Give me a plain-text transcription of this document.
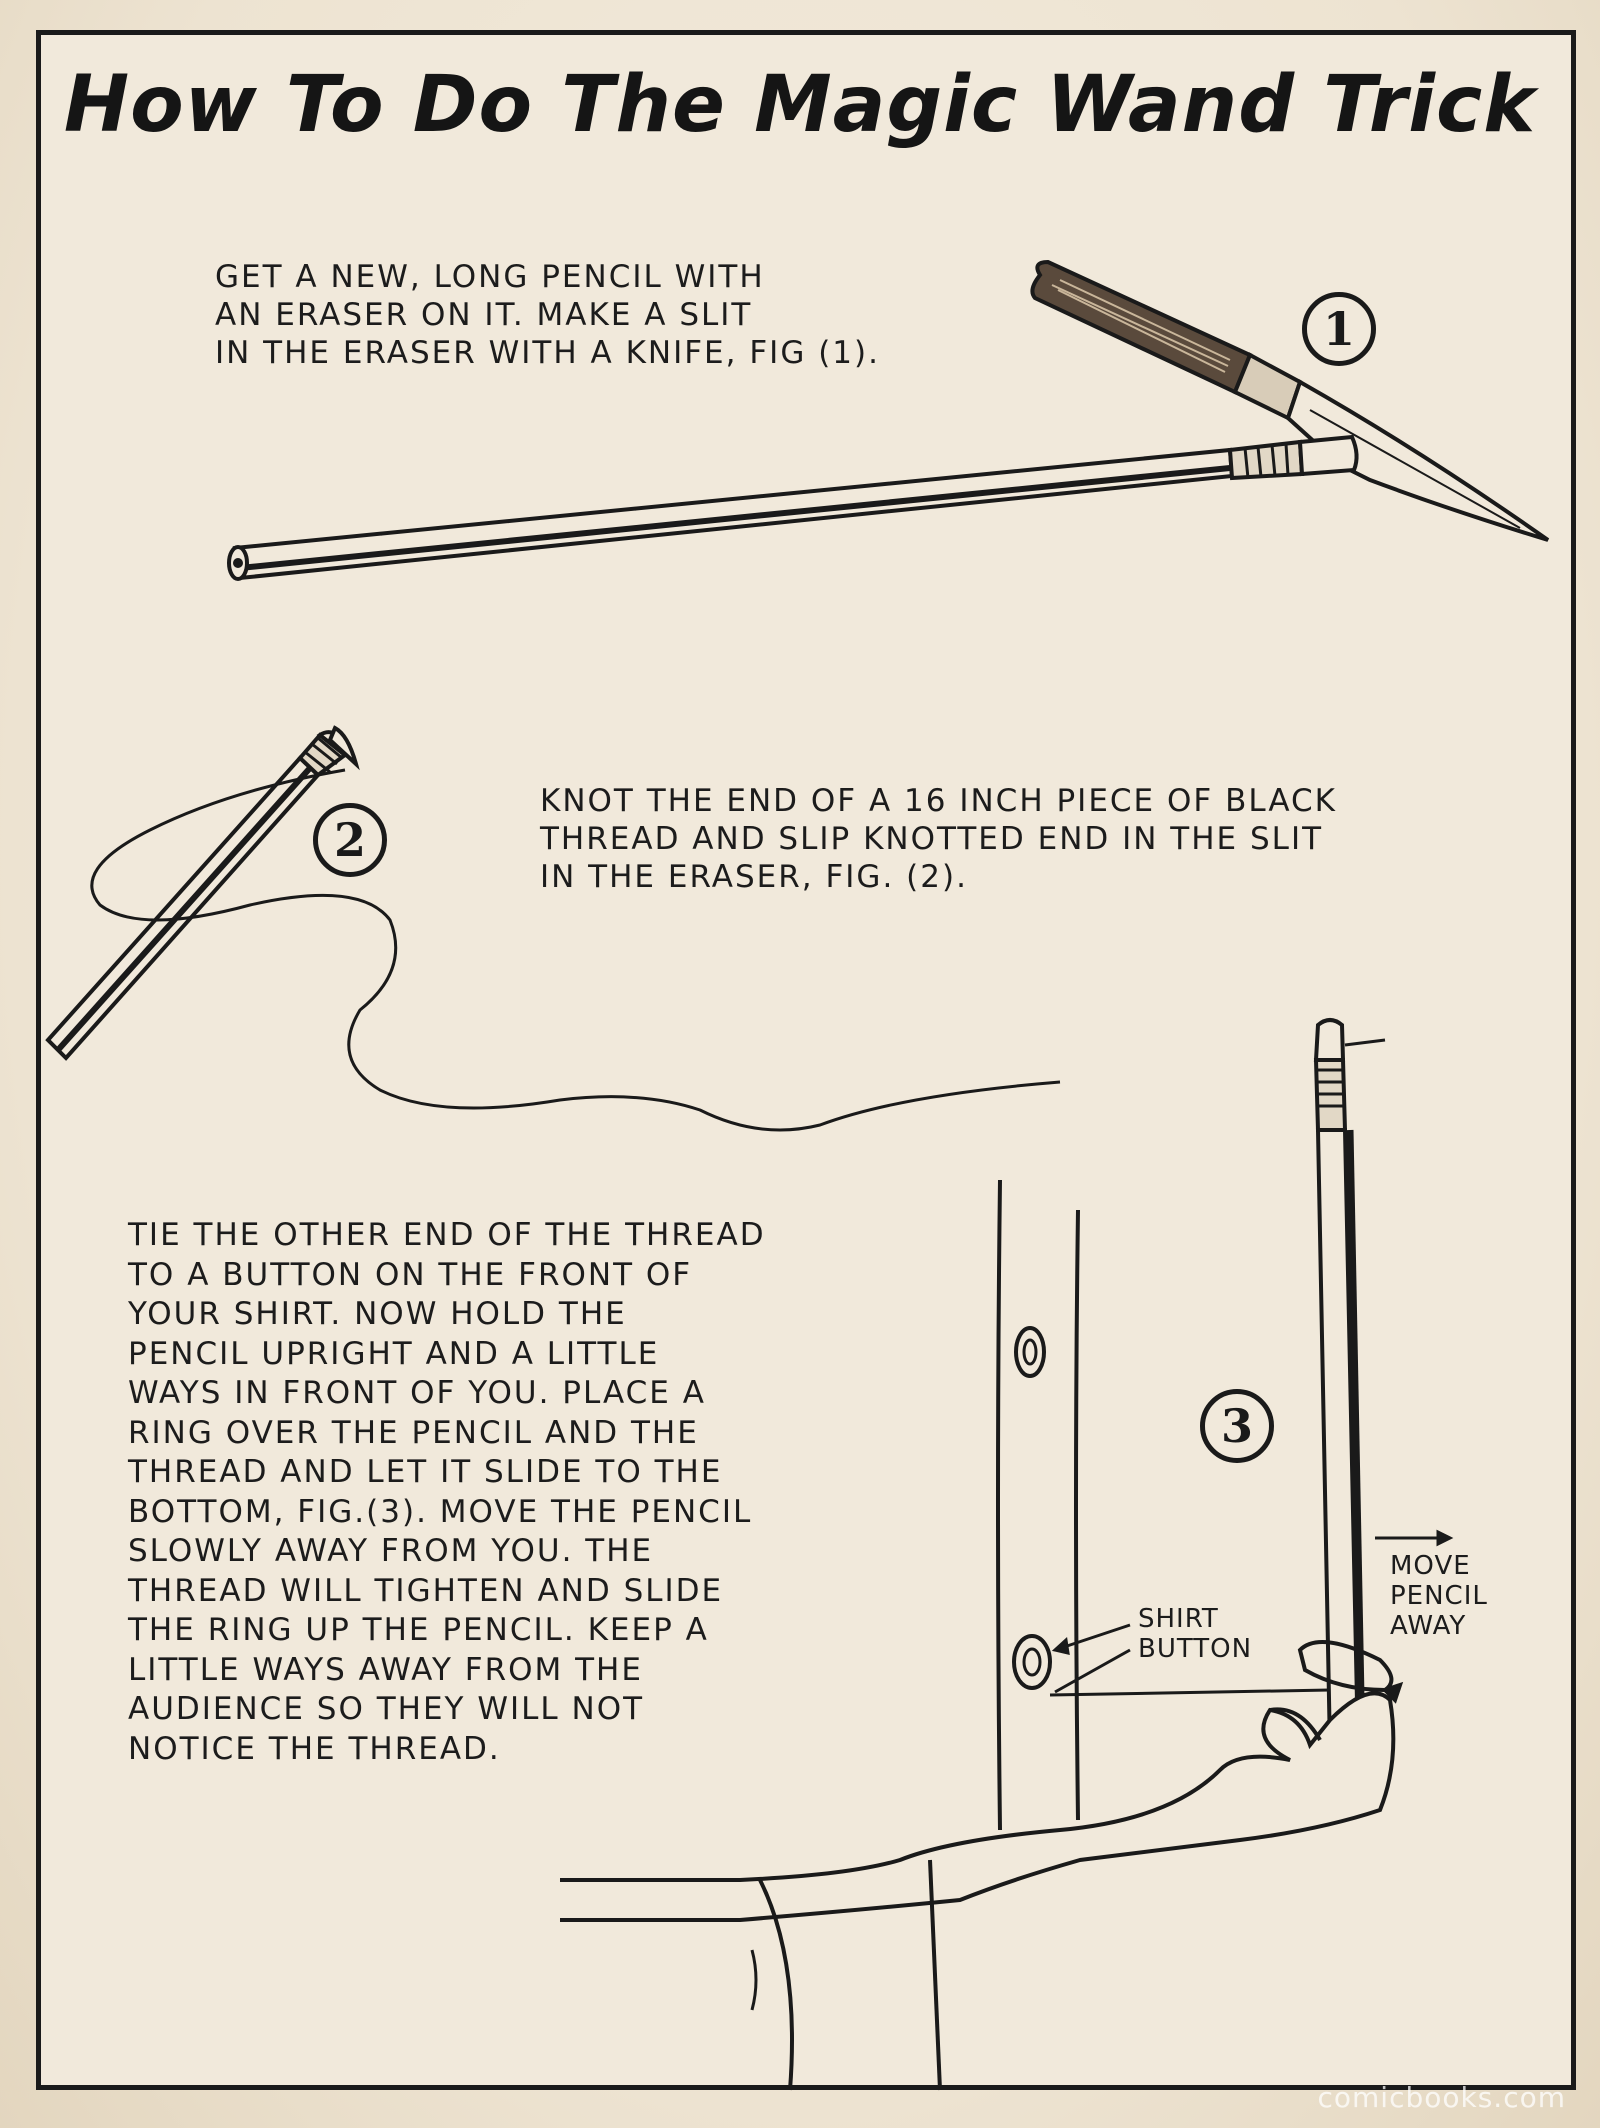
How To Do The Magic Wand Trick
GET A NEW, LONG PENCIL WITH
AN ERASER ON IT. MAKE A SLIT
IN THE ERASER WITH A KNIFE, FIG (1).
KNOT THE END OF A 16 INCH PIECE OF BLACK
THREAD AND SLIP KNOTTED END IN THE SLIT
IN THE ERASER, FIG. (2).
TIE THE OTHER END OF THE THREAD
TO A BUTTON ON THE FRONT OF
YOUR SHIRT. NOW HOLD THE
PENCIL UPRIGHT AND A LITTLE
WAYS IN FRONT OF YOU. PLACE A
RING OVER THE PENCIL AND THE
THREAD AND LET IT SLIDE TO THE
BOTTOM, FIG.(3). MOVE THE PENCIL
SLOWLY AWAY FROM YOU. THE
THREAD WILL TIGHTEN AND SLIDE
THE RING UP THE PENCIL. KEEP A
LITTLE WAYS AWAY FROM THE
AUDIENCE SO THEY WILL NOT
NOTICE THE THREAD.
1
2
3
MOVE
PENCIL
AWAY
SHIRT
BUTTON
comicbooks.com
